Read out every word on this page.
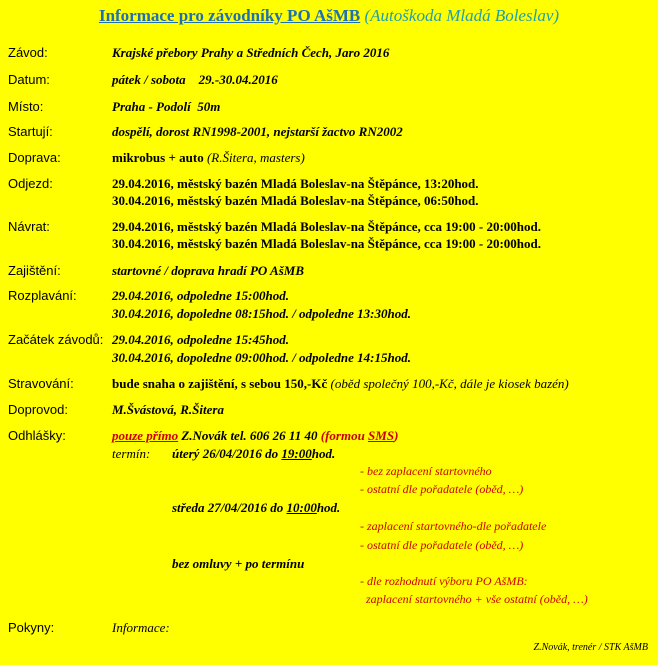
Informace pro závodníky PO AšMB (Autoškoda Mladá Boleslav)
Závod:	Krajské přebory Prahy a Středních Čech, Jaro 2016
Datum:	pátek / sobota    29.-30.04.2016
Místo:	Praha - Podolí  50m
Startují:	dospělí, dorost RN1998-2001, nejstarší žactvo RN2002
Doprava:	mikrobus + auto (R.Šitera, masters)
Odjezd:	29.04.2016, městský bazén Mladá Boleslav-na Štěpánce, 13:20hod.
30.04.2016, městský bazén Mladá Boleslav-na Štěpánce, 06:50hod.
Návrat:	29.04.2016, městský bazén Mladá Boleslav-na Štěpánce, cca 19:00 - 20:00hod.
30.04.2016, městský bazén Mladá Boleslav-na Štěpánce, cca 19:00 - 20:00hod.
Zajištění:	startovné / doprava hradí PO AšMB
Rozplavání:	29.04.2016, odpoledne 15:00hod.
30.04.2016, dopoledne 08:15hod. / odpoledne 13:30hod.
Začátek závodů: 29.04.2016, odpoledne 15:45hod.
30.04.2016, dopoledne 09:00hod. / odpoledne 14:15hod.
Stravování:	bude snaha o zajištění, s sebou 150,-Kč (oběd společný 100,-Kč, dále je kiosek bazén)
Doprovod:	M.Švástová, R.Šitera
Odhlášky:	pouze přímo Z.Novák tel. 606 26 11 40 (formou SMS)
termín: úterý 26/04/2016 do 19:00hod.
- bez zaplacení startovného
- ostatní dle pořadatele (oběd, …)
středa 27/04/2016 do 10:00hod.
- zaplacení startovného-dle pořadatele
- ostatní dle pořadatele (oběd, …)
bez omluvy + po termínu
- dle rozhodnutí výboru PO AšMB:
zaplacení startovného + vše ostatní (oběd, …)
Pokyny:	Informace:
Z.Novák, trenér / STK AšMB
